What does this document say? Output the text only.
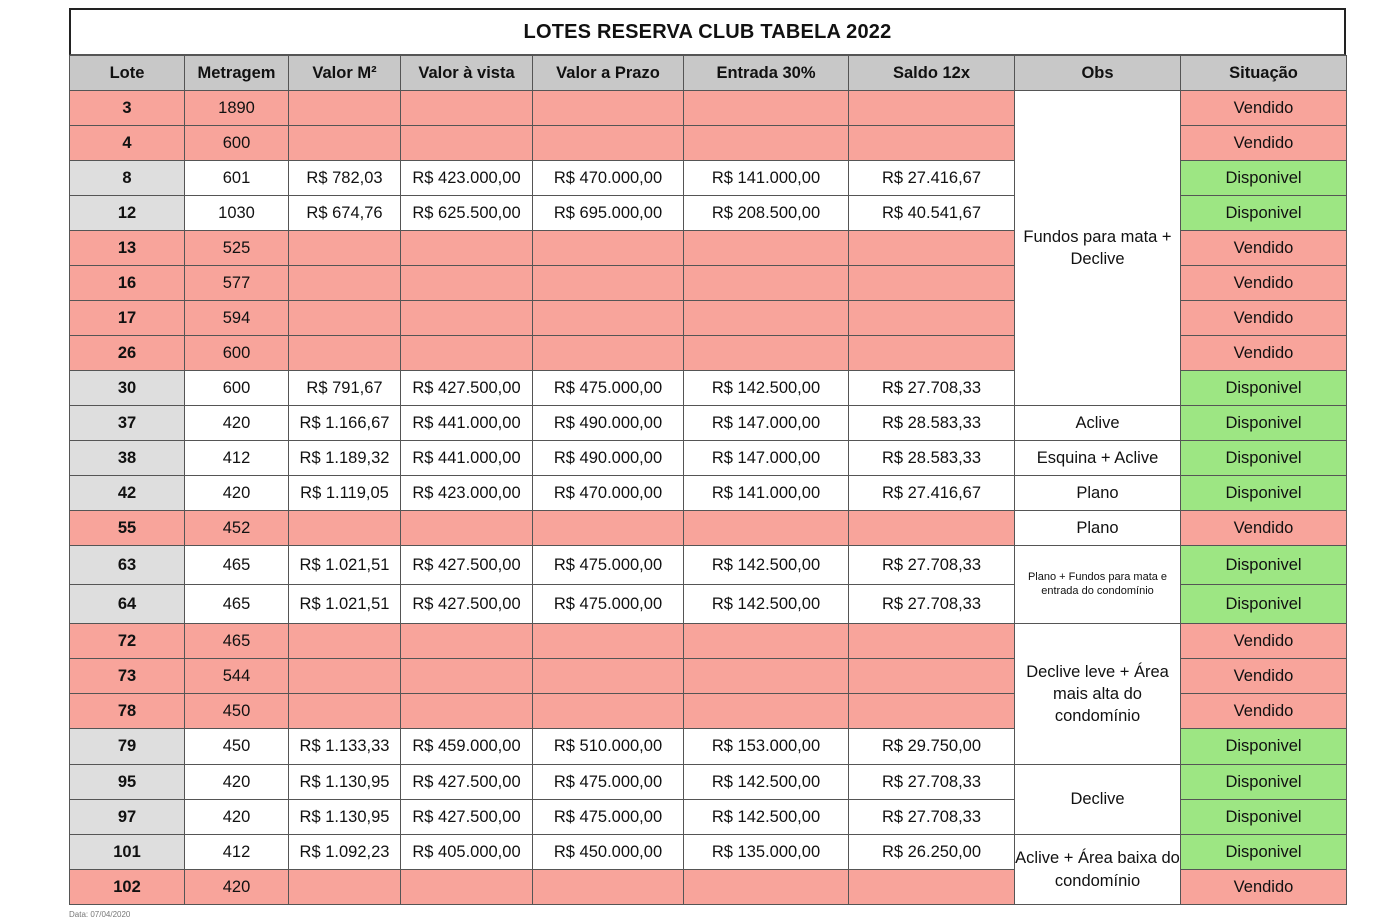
LOTES RESERVA CLUB TABELA 2022
Lote	Metragem	Valor M²	Valor à vista	Valor a Prazo	Entrada 30%	Saldo 12x	Obs	Situação
3	1890						Fundos para mata + Declive	Vendido
4	600							Vendido
8	601	R$ 782,03	R$ 423.000,00	R$ 470.000,00	R$ 141.000,00	R$ 27.416,67		Disponivel
12	1030	R$ 674,76	R$ 625.500,00	R$ 695.000,00	R$ 208.500,00	R$ 40.541,67		Disponivel
13	525							Vendido
16	577							Vendido
17	594							Vendido
26	600							Vendido
30	600	R$ 791,67	R$ 427.500,00	R$ 475.000,00	R$ 142.500,00	R$ 27.708,33		Disponivel
37	420	R$ 1.166,67	R$ 441.000,00	R$ 490.000,00	R$ 147.000,00	R$ 28.583,33	Aclive	Disponivel
38	412	R$ 1.189,32	R$ 441.000,00	R$ 490.000,00	R$ 147.000,00	R$ 28.583,33	Esquina + Aclive	Disponivel
42	420	R$ 1.119,05	R$ 423.000,00	R$ 470.000,00	R$ 141.000,00	R$ 27.416,67	Plano	Disponivel
55	452						Plano	Vendido
63	465	R$ 1.021,51	R$ 427.500,00	R$ 475.000,00	R$ 142.500,00	R$ 27.708,33	Plano + Fundos para mata e entrada do condomínio	Disponivel
64	465	R$ 1.021,51	R$ 427.500,00	R$ 475.000,00	R$ 142.500,00	R$ 27.708,33		Disponivel
72	465						Declive leve + Área mais alta do condomínio	Vendido
73	544							Vendido
78	450							Vendido
79	450	R$ 1.133,33	R$ 459.000,00	R$ 510.000,00	R$ 153.000,00	R$ 29.750,00		Disponivel
95	420	R$ 1.130,95	R$ 427.500,00	R$ 475.000,00	R$ 142.500,00	R$ 27.708,33	Declive	Disponivel
97	420	R$ 1.130,95	R$ 427.500,00	R$ 475.000,00	R$ 142.500,00	R$ 27.708,33		Disponivel
101	412	R$ 1.092,23	R$ 405.000,00	R$ 450.000,00	R$ 135.000,00	R$ 26.250,00	Aclive + Área baixa do condomínio	Disponivel
102	420							Vendido
Data: 07/04/2020
